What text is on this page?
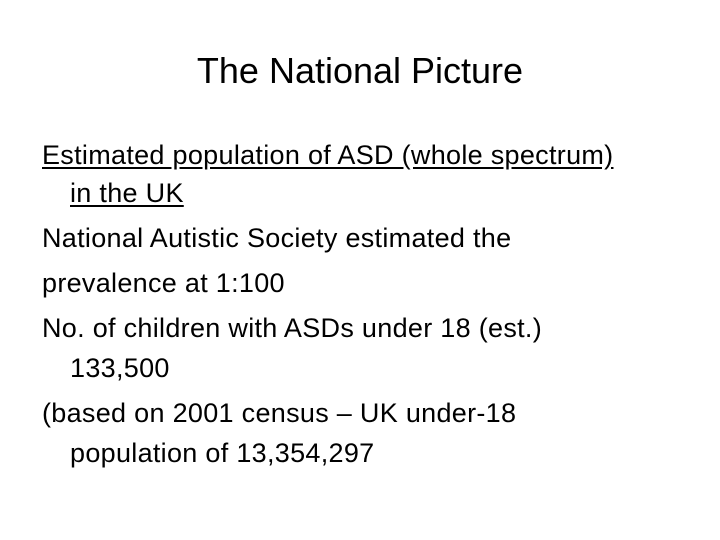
The National Picture
Estimated population of ASD (whole spectrum)
in the UK
National Autistic Society estimated the
prevalence at 1:100
No. of children with ASDs under 18 (est.)
133,500
(based on 2001 census – UK under-18
population of 13,354,297
